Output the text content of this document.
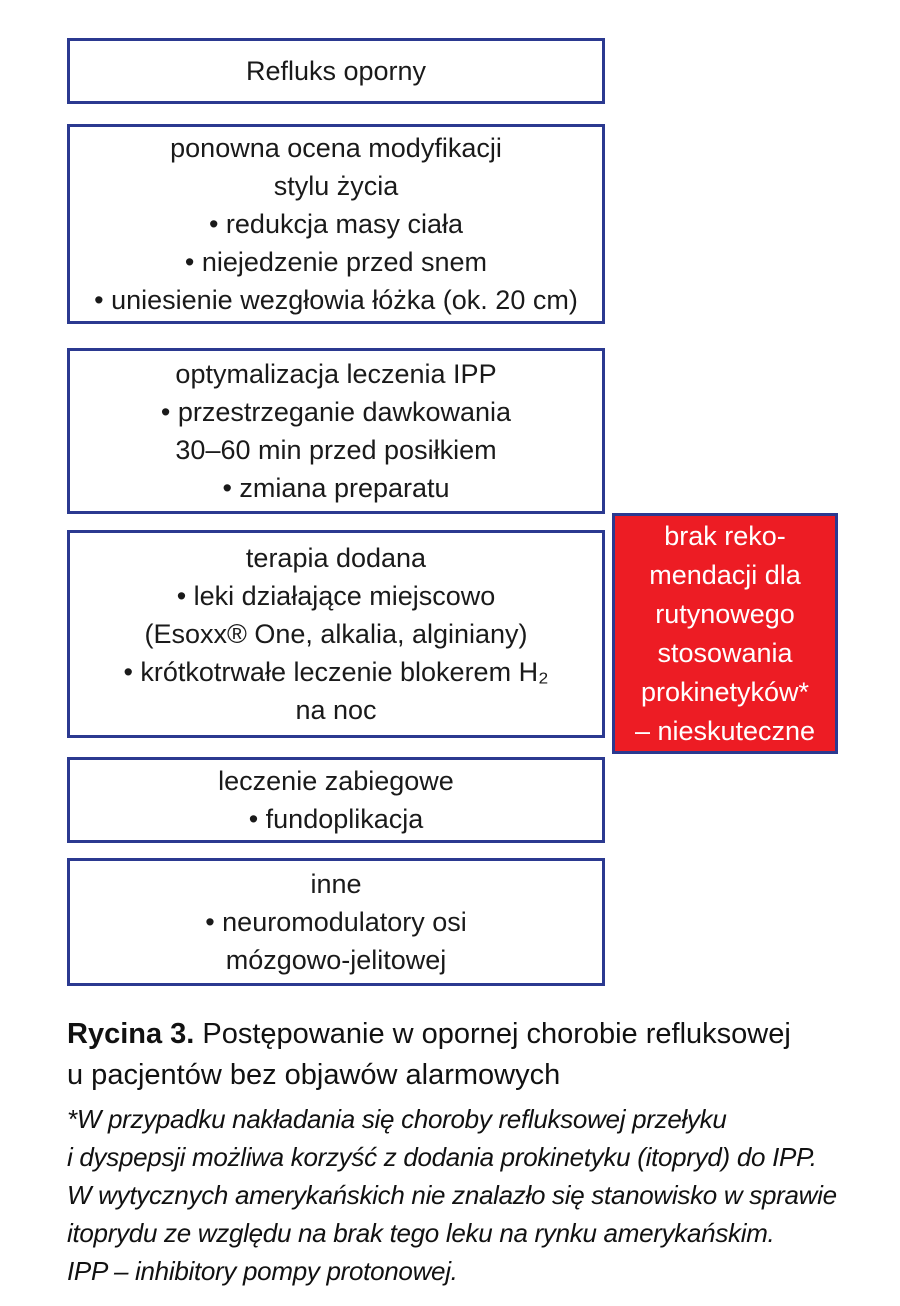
Refluks oporny
ponowna ocena modyfikacji
stylu życia
• redukcja masy ciała
• niejedzenie przed snem
• uniesienie wezgłowia łóżka (ok. 20 cm)
optymalizacja leczenia IPP
• przestrzeganie dawkowania
30–60 min przed posiłkiem
• zmiana preparatu
terapia dodana
• leki działające miejscowo
(Esoxx® One, alkalia, alginiany)
• krótkotrwałe leczenie blokerem H₂
na noc
brak reko-
mendacji dla
rutynowego
stosowania
prokinetyków*
– nieskuteczne
leczenie zabiegowe
• fundoplikacja
inne
• neuromodulatory osi
mózgowo-jelitowej
Rycina 3. Postępowanie w opornej chorobie refluksowej
u pacjentów bez objawów alarmowych
*W przypadku nakładania się choroby refluksowej przełyku
i dyspepsji możliwa korzyść z dodania prokinetyku (itopryd) do IPP.
W wytycznych amerykańskich nie znalazło się stanowisko w sprawie
itoprydu ze względu na brak tego leku na rynku amerykańskim.
IPP – inhibitory pompy protonowej.
